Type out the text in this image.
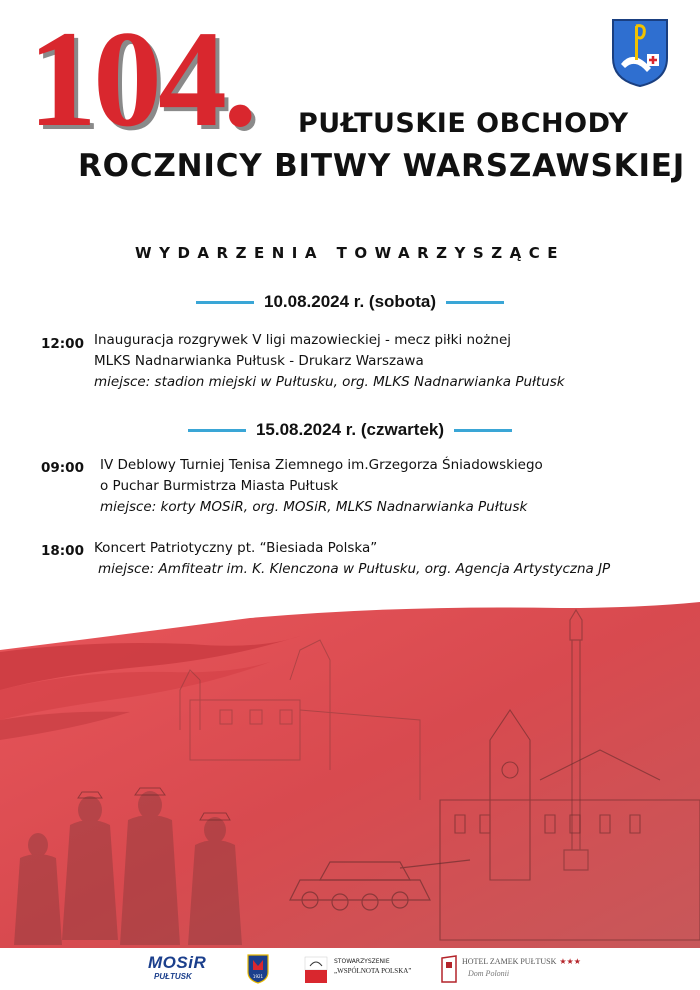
104. PUŁTUSKIE OBCHODY
ROCZNICY BITWY WARSZAWSKIEJ
WYDARZENIA TOWARZYSZĄCE
10.08.2024 r. (sobota)
12:00 Inauguracja rozgrywek V ligi mazowieckiej - mecz piłki nożnej
MLKS Nadnarwianka Pułtusk - Drukarz Warszawa
miejsce: stadion miejski w Pułtusku, org. MLKS Nadnarwianka Pułtusk
15.08.2024 r. (czwartek)
09:00 IV Deblowy Turniej Tenisa Ziemnego im.Grzegorza Śniadowskiego
o Puchar Burmistrza Miasta Pułtusk
miejsce: korty MOSiR, org. MOSiR, MLKS Nadnarwianka Pułtusk
18:00 Koncert Patriotyczny pt. “Biesiada Polska”
miejsce: Amfiteatr im. K. Klenczona w Pułtusku, org. Agencja Artystyczna JP
MOSiR
PUŁTUSK	1921
STOWARZYSZENIE
„WSPÓLNOTA POLSKA”
HOTEL ZAMEK PUŁTUSK ★★★
Dom Polonii
